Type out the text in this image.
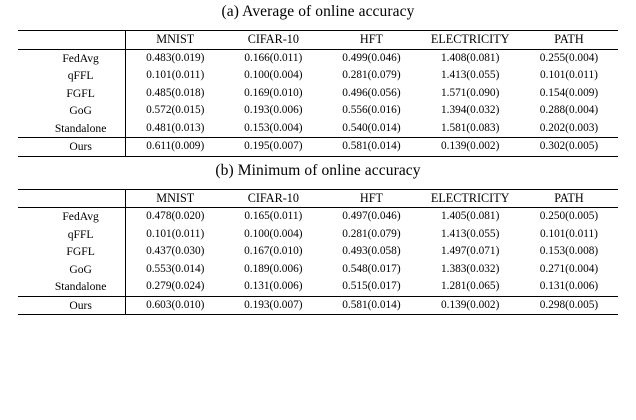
(a) Average of online accuracy
	MNIST	CIFAR-10	HFT	ELECTRICITY	PATH
FedAvg	0.483(0.019)	0.166(0.011)	0.499(0.046)	1.408(0.081)	0.255(0.004)
qFFL	0.101(0.011)	0.100(0.004)	0.281(0.079)	1.413(0.055)	0.101(0.011)
FGFL	0.485(0.018)	0.169(0.010)	0.496(0.056)	1.571(0.090)	0.154(0.009)
GoG	0.572(0.015)	0.193(0.006)	0.556(0.016)	1.394(0.032)	0.288(0.004)
Standalone	0.481(0.013)	0.153(0.004)	0.540(0.014)	1.581(0.083)	0.202(0.003)
Ours	0.611(0.009)	0.195(0.007)	0.581(0.014)	0.139(0.002)	0.302(0.005)
(b) Minimum of online accuracy
	MNIST	CIFAR-10	HFT	ELECTRICITY	PATH
FedAvg	0.478(0.020)	0.165(0.011)	0.497(0.046)	1.405(0.081)	0.250(0.005)
qFFL	0.101(0.011)	0.100(0.004)	0.281(0.079)	1.413(0.055)	0.101(0.011)
FGFL	0.437(0.030)	0.167(0.010)	0.493(0.058)	1.497(0.071)	0.153(0.008)
GoG	0.553(0.014)	0.189(0.006)	0.548(0.017)	1.383(0.032)	0.271(0.004)
Standalone	0.279(0.024)	0.131(0.006)	0.515(0.017)	1.281(0.065)	0.131(0.006)
Ours	0.603(0.010)	0.193(0.007)	0.581(0.014)	0.139(0.002)	0.298(0.005)
